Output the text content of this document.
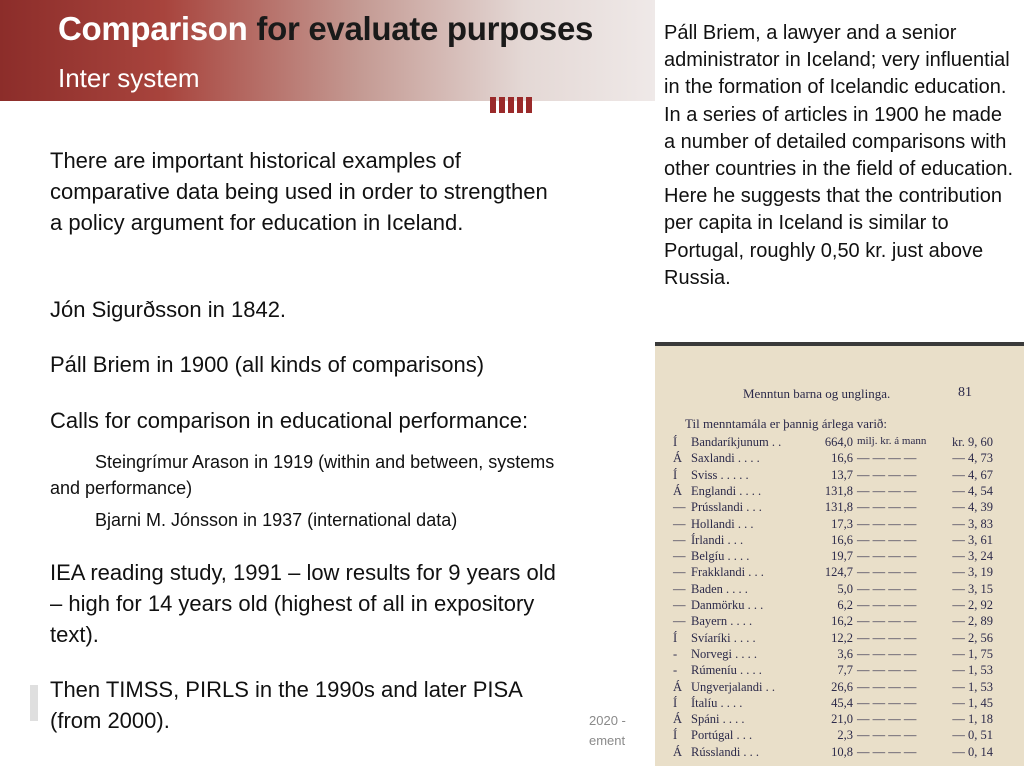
Comparison for evaluate purposes
Inter system
Páll Briem, a lawyer and a senior administrator in Iceland; very influential in the formation of Icelandic education. In a series of articles in 1900 he made a number of detailed comparisons with other countries in the field of education. Here he suggests that the contribution per capita in Iceland is similar to Portugal, roughly 0,50 kr. just above Russia.
There are important historical examples of comparative data being used in order to strengthen a policy argument for education in Iceland.
Jón Sigurðsson in 1842.
Páll Briem in 1900 (all kinds of comparisons)
Calls for comparison in educational performance:
Steingrímur Arason in 1919 (within and between, systems and performance)
Bjarni M. Jónsson in 1937 (international data)
IEA reading study, 1991 – low results for 9 years old – high for 14 years old (highest of all in expository text).
Then TIMSS, PIRLS in the 1990s and later PISA (from 2000).	2020 -
ement
Menntun barna og unglinga.	81
Til menntamála er þannig árlega varið:
Í	Bandaríkjunum . .	664,0 milj. kr. á mann	kr. 9, 60
Á Saxlandi . . . .	16,6 — — — —	— 4, 73
Í	Sviss . . . . .	13,7 — — — —	— 4, 67
Á Englandi . . . .	131,8 — — — —	— 4, 54
— Prússlandi . . .	131,8 — — — —	— 4, 39
— Hollandi . . .	17,3 — — — —	— 3, 83
— Írlandi . . .	16,6 — — — —	— 3, 61
— Belgíu . . . .	19,7 — — — —	— 3, 24
— Frakklandi . . .	124,7 — — — —	— 3, 19
— Baden . . . .	5,0 — — — —	— 3, 15
— Danmörku . . .	6,2 — — — —	— 2, 92
— Bayern . . . .	16,2 — — — —	— 2, 89
Í	Svíaríki . . . .	12,2 — — — —	— 2, 56
-	Norvegi . . . .	3,6 — — — —	— 1, 75
-	Rúmeníu . . . .	7,7 — — — —	— 1, 53
Á Ungverjalandi . .	26,6 — — — —	— 1, 53
Í	Ítalíu . . . .	45,4 — — — —	— 1, 45
Á Spáni . . . .	21,0 — — — —	— 1, 18
Í	Portúgal . . .	2,3 — — — —	— 0, 51
Á Rússlandi . . .	10,8 — — — —	— 0, 14
